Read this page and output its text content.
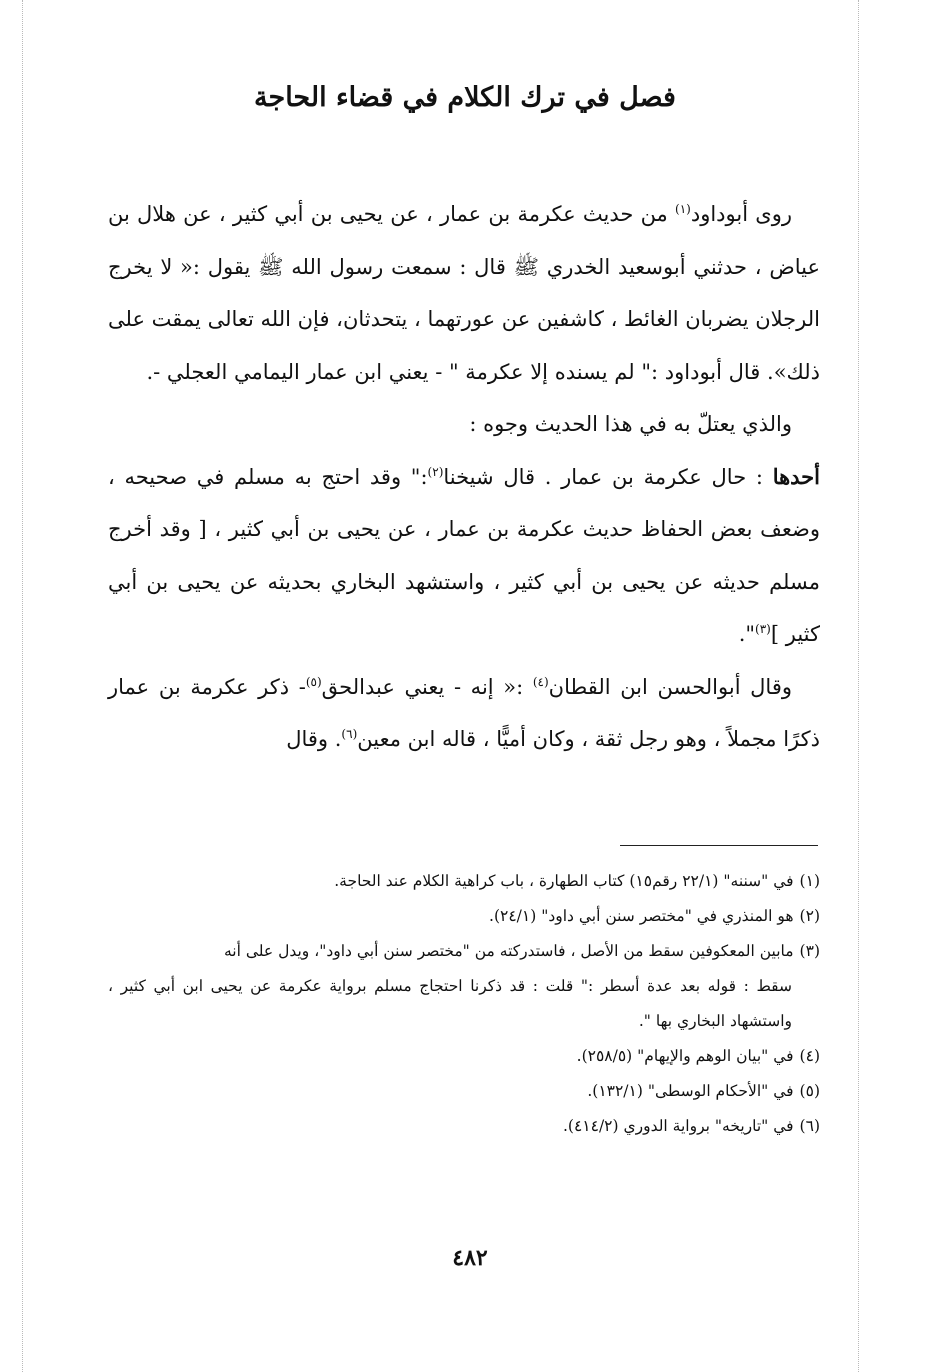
فصل في ترك الكلام في قضاء الحاجة

روى أبوداود$^{(١)}$ من حديث عكرمة بن عمار ، عن يحيى بن أبي كثير ، عن هلال بن عياض ، حدثني أبوسعيد الخدري ﷺ قال : سمعت رسول الله ﷺ يقول :« لا يخرج الرجلان يضربان الغائط ، كاشفين عن عورتهما ، يتحدثان، فإن الله تعالى يمقت على ذلك». قال أبوداود :" لم يسنده إلا عكرمة " - يعني ابن عمار اليمامي العجلي -.

والذي يعتلّ به في هذا الحديث وجوه :

أحدها : حال عكرمة بن عمار . قال شيخنا$^{(٢)}$:" وقد احتج به مسلم في صحيحه ، وضعف بعض الحفاظ حديث عكرمة بن عمار ، عن يحيى بن أبي كثير ، [ وقد أخرج مسلم حديثه عن يحيى بن أبي كثير ، واستشهد البخاري بحديثه عن يحيى بن أبي كثير ]$^{(٣)}$".

وقال أبوالحسن ابن القطان$^{(٤)}$ :« إنه - يعني عبدالحق$^{(٥)}$- ذكر عكرمة بن عمار ذكرًا مجملاً ، وهو رجل ثقة ، وكان أميًّا ، قاله ابن معين$^{(٦)}$. وقال

(١)في "سننه" (٢٢/١ رقم١٥) كتاب الطهارة ، باب كراهية الكلام عند الحاجة.
(٢)هو المنذري في "مختصر سنن أبي داود" (٢٤/١).
(٣)مابين المعكوفين سقط من الأصل ، فاستدركته من "مختصر سنن أبي داود"، ويدل على أنه
سقط : قوله بعد عدة أسطر :" قلت : قد ذكرنا احتجاج مسلم برواية عكرمة عن يحيى ابن أبي كثير ، واستشهاد البخاري بها ".
(٤)في "بيان الوهم والإيهام" (٢٥٨/٥).
(٥)في "الأحكام الوسطى" (١٣٢/١).
(٦)في "تاريخه" برواية الدوري (٤١٤/٢).
٤٨٢
